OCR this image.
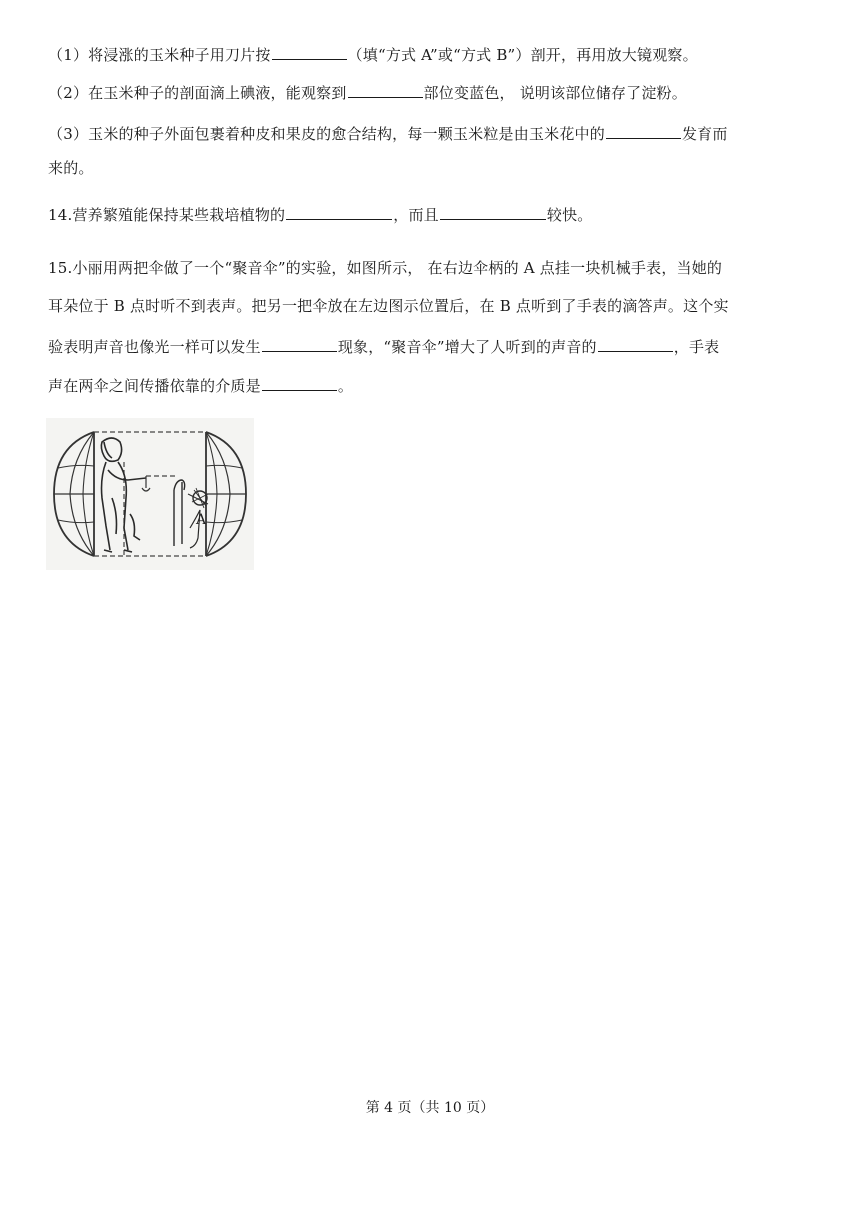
（1）将浸涨的玉米种子用刀片按	（填“方式 A”或“方式 B”）剖开，再用放大镜观察。
（2）在玉米种子的剖面滴上碘液，能观察到	部位变蓝色， 说明该部位储存了淀粉。
（3）玉米的种子外面包裹着种皮和果皮的愈合结构，每一颗玉米粒是由玉米花中的	发育而
来的。
14.营养繁殖能保持某些栽培植物的	，而且	较快。
15.小丽用两把伞做了一个“聚音伞”的实验，如图所示， 在右边伞柄的 A 点挂一块机械手表，当她的
耳朵位于 B 点时听不到表声。把另一把伞放在左边图示位置后，在 B 点听到了手表的滴答声。这个实
验表明声音也像光一样可以发生	现象，“聚音伞”增大了人听到的声音的	，手表
声在两伞之间传播依靠的介质是	。
A
第 4 页（共 10 页）
